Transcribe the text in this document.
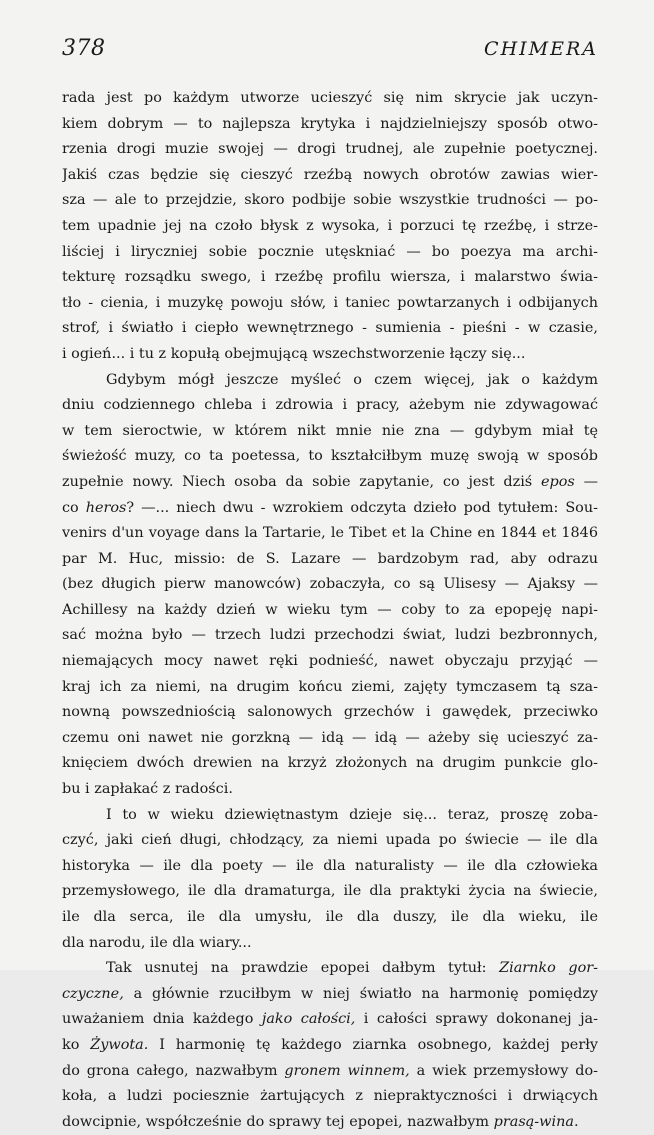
378	CHIMERA
rada jest po każdym utworze ucieszyć się nim skrycie jak uczyn-
kiem dobrym — to najlepsza krytyka i najdzielniejszy sposób otwo-
rzenia drogi muzie swojej — drogi trudnej, ale zupełnie poetycznej.
Jakiś czas będzie się cieszyć rzeźbą nowych obrotów zawias wier-
sza — ale to przejdzie, skoro podbije sobie wszystkie trudności — po-
tem upadnie jej na czoło błysk z wysoka, i porzuci tę rzeźbę, i strze-
liściej i liryczniej sobie pocznie utęskniać — bo poezya ma archi-
tekturę rozsądku swego, i rzeźbę profilu wiersza, i malarstwo świa-
tło - cienia, i muzykę powoju słów, i taniec powtarzanych i odbijanych
strof, i światło i ciepło wewnętrznego - sumienia - pieśni - w czasie,
i ogień... i tu z kopułą obejmującą wszechstworzenie łączy się...
Gdybym mógł jeszcze myśleć o czem więcej, jak o każdym
dniu codziennego chleba i zdrowia i pracy, ażebym nie zdywagować
w tem sieroctwie, w którem nikt mnie nie zna — gdybym miał tę
świeżość muzy, co ta poetessa, to kształciłbym muzę swoją w sposób
zupełnie nowy. Niech osoba da sobie zapytanie, co jest dziś epos —
co heros? —... niech dwu - wzrokiem odczyta dzieło pod tytułem: Sou-
venirs d'un voyage dans la Tartarie, le Tibet et la Chine en 1844 et 1846
par M. Huc, missio: de S. Lazare — bardzobym rad, aby odrazu
(bez długich pierw manowców) zobaczyła, co są Ulisesy — Ajaksy —
Achillesy na każdy dzień w wieku tym — coby to za epopeję napi-
sać można było — trzech ludzi przechodzi świat, ludzi bezbronnych,
niemających mocy nawet ręki podnieść, nawet obyczaju przyjąć —
kraj ich za niemi, na drugim końcu ziemi, zajęty tymczasem tą sza-
nowną powszedniością salonowych grzechów i gawędek, przeciwko
czemu oni nawet nie gorzkną — idą — idą — ażeby się ucieszyć za-
knięciem dwóch drewien na krzyż złożonych na drugim punkcie glo-
bu i zapłakać z radości.
I to w wieku dziewiętnastym dzieje się... teraz, proszę zoba-
czyć, jaki cień długi, chłodzący, za niemi upada po świecie — ile dla
historyka — ile dla poety — ile dla naturalisty — ile dla człowieka
przemysłowego, ile dla dramaturga, ile dla praktyki życia na świecie,
ile dla serca, ile dla umysłu, ile dla duszy, ile dla wieku, ile
dla narodu, ile dla wiary...
Tak usnutej na prawdzie epopei dałbym tytuł: Ziarnko gor-
czyczne, a głównie rzuciłbym w niej światło na harmonię pomiędzy
uważaniem dnia każdego jako całości, i całości sprawy dokonanej ja-
ko Żywota. I harmonię tę każdego ziarnka osobnego, każdej perły
do grona całego, nazwałbym gronem winnem, a wiek przemysłowy do-
koła, a ludzi pociesznie żartujących z niepraktyczności i drwiących
dowcipnie, współcześnie do sprawy tej epopei, nazwałbym prasą-wina.
